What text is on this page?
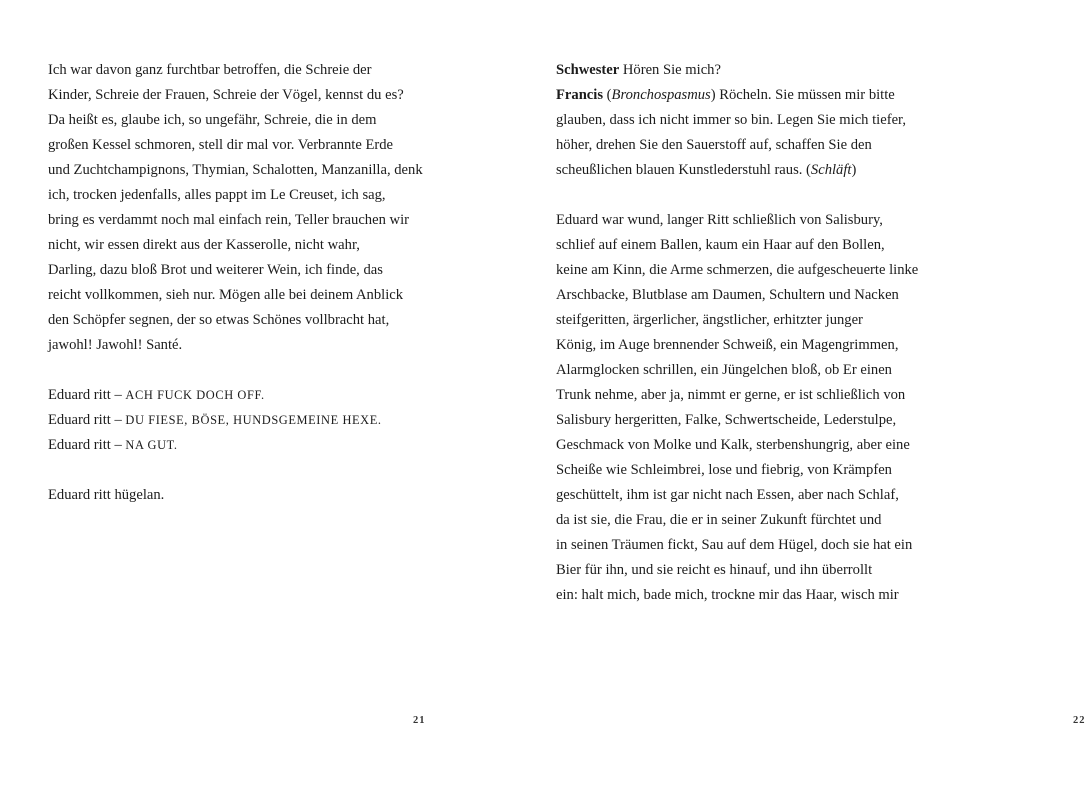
Ich war davon ganz furchtbar betroffen, die Schreie der
Kinder, Schreie der Frauen, Schreie der Vögel, kennst du es?
Da heißt es, glaube ich, so ungefähr, Schreie, die in dem
großen Kessel schmoren, stell dir mal vor. Verbrannte Erde
und Zuchtchampignons, Thymian, Schalotten, Manzanilla, denk
ich, trocken jedenfalls, alles pappt im Le Creuset, ich sag,
bring es verdammt noch mal einfach rein, Teller brauchen wir
nicht, wir essen direkt aus der Kasserolle, nicht wahr,
Darling, dazu bloß Brot und weiterer Wein, ich finde, das
reicht vollkommen, sieh nur. Mögen alle bei deinem Anblick
den Schöpfer segnen, der so etwas Schönes vollbracht hat,
jawohl! Jawohl! Santé.
Eduard ritt – ACH FUCK DOCH OFF.
Eduard ritt – DU FIESE, BÖSE, HUNDSGEMEINE HEXE.
Eduard ritt – NA GUT.
Eduard ritt hügelan.
21
Schwester Hören Sie mich?
Francis (Bronchospasmus) Röcheln. Sie müssen mir bitte
glauben, dass ich nicht immer so bin. Legen Sie mich tiefer,
höher, drehen Sie den Sauerstoff auf, schaffen Sie den
scheußlichen blauen Kunstlederstuhl raus. (Schläft)
Eduard war wund, langer Ritt schließlich von Salisbury,
schlief auf einem Ballen, kaum ein Haar auf den Bollen,
keine am Kinn, die Arme schmerzen, die aufgescheuerte linke
Arschbacke, Blutblase am Daumen, Schultern und Nacken
steifgeritten, ärgerlicher, ängstlicher, erhitzter junger
König, im Auge brennender Schweiß, ein Magengrimmen,
Alarmglocken schrillen, ein Jüngelchen bloß, ob Er einen
Trunk nehme, aber ja, nimmt er gerne, er ist schließlich von
Salisbury hergeritten, Falke, Schwertscheide, Lederstulpe,
Geschmack von Molke und Kalk, sterbenshungrig, aber eine
Scheiße wie Schleimbrei, lose und fiebrig, von Krämpfen
geschüttelt, ihm ist gar nicht nach Essen, aber nach Schlaf,
da ist sie, die Frau, die er in seiner Zukunft fürchtet und
in seinen Träumen fickt, Sau auf dem Hügel, doch sie hat ein
Bier für ihn, und sie reicht es hinauf, und ihn überrollt
ein: halt mich, bade mich, trockne mir das Haar, wisch mir
22
